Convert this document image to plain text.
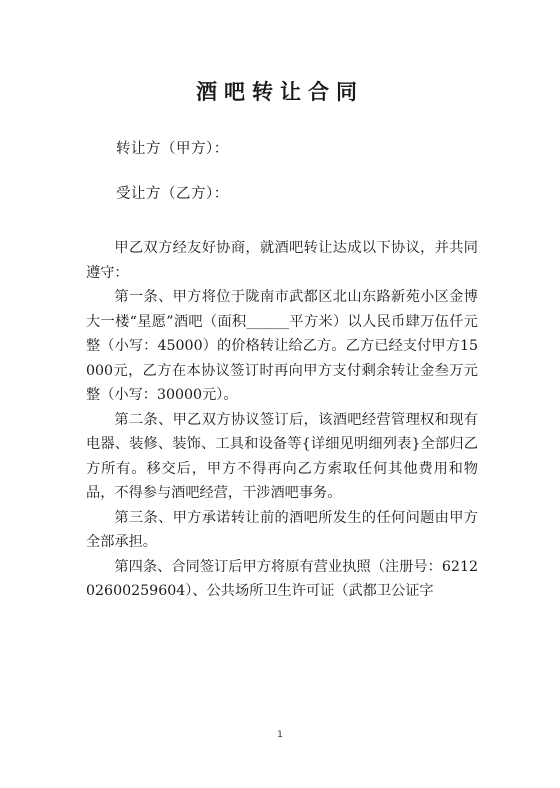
酒吧转让合同
转让方（甲方）：
受让方（乙方）：

甲乙双方经友好协商，就酒吧转让达成以下协议，并共同遵守：

第一条、甲方将位于陇南市武都区北山东路新苑小区金博大一楼“星愿”酒吧（面积______平方米）以人民币肆万伍仟元整（小写：45000）的价格转让给乙方。乙方已经支付甲方15000元，乙方在本协议签订时再向甲方支付剩余转让金叁万元整（小写：30000元）。

第二条、甲乙双方协议签订后，该酒吧经营管理权和现有电器、装修、装饰、工具和设备等{详细见明细列表}全部归乙方所有。移交后，甲方不得再向乙方索取任何其他费用和物品，不得参与酒吧经营，干涉酒吧事务。

第三条、甲方承诺转让前的酒吧所发生的任何问题由甲方全部承担。

第四条、合同签订后甲方将原有营业执照（注册号：621202600259604）、公共场所卫生许可证（武都卫公证字

1
